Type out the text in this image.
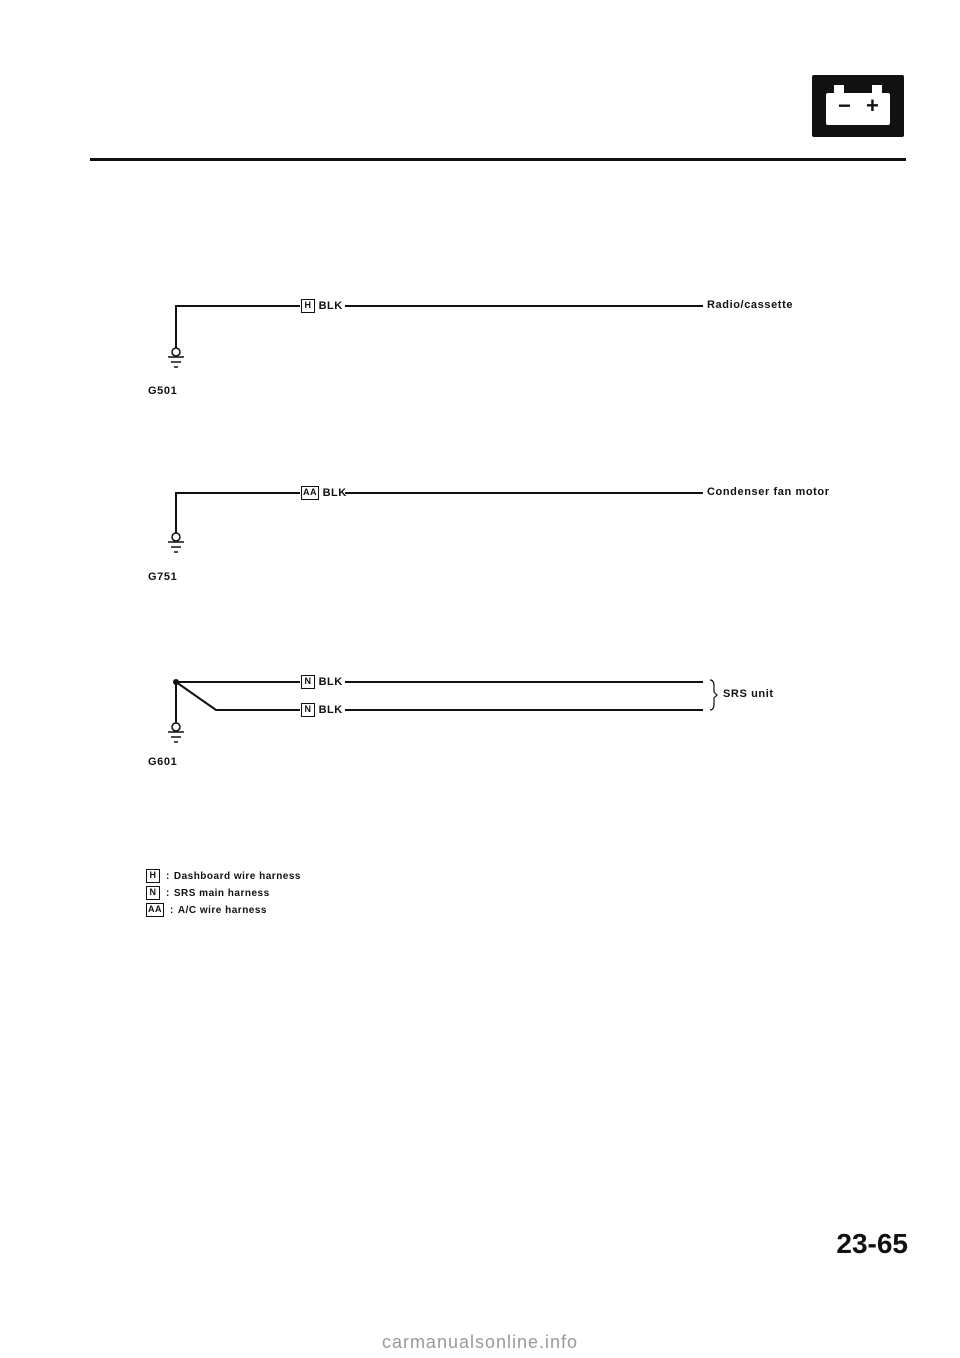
− +
H BLK	Radio/cassette
G501
AA BLK	Condenser fan motor
G751
N BLK
N BLK
SRS unit
G601
H : Dashboard wire harness
N : SRS main harness
AA : A/C wire harness
23-65
carmanualsonline.info
